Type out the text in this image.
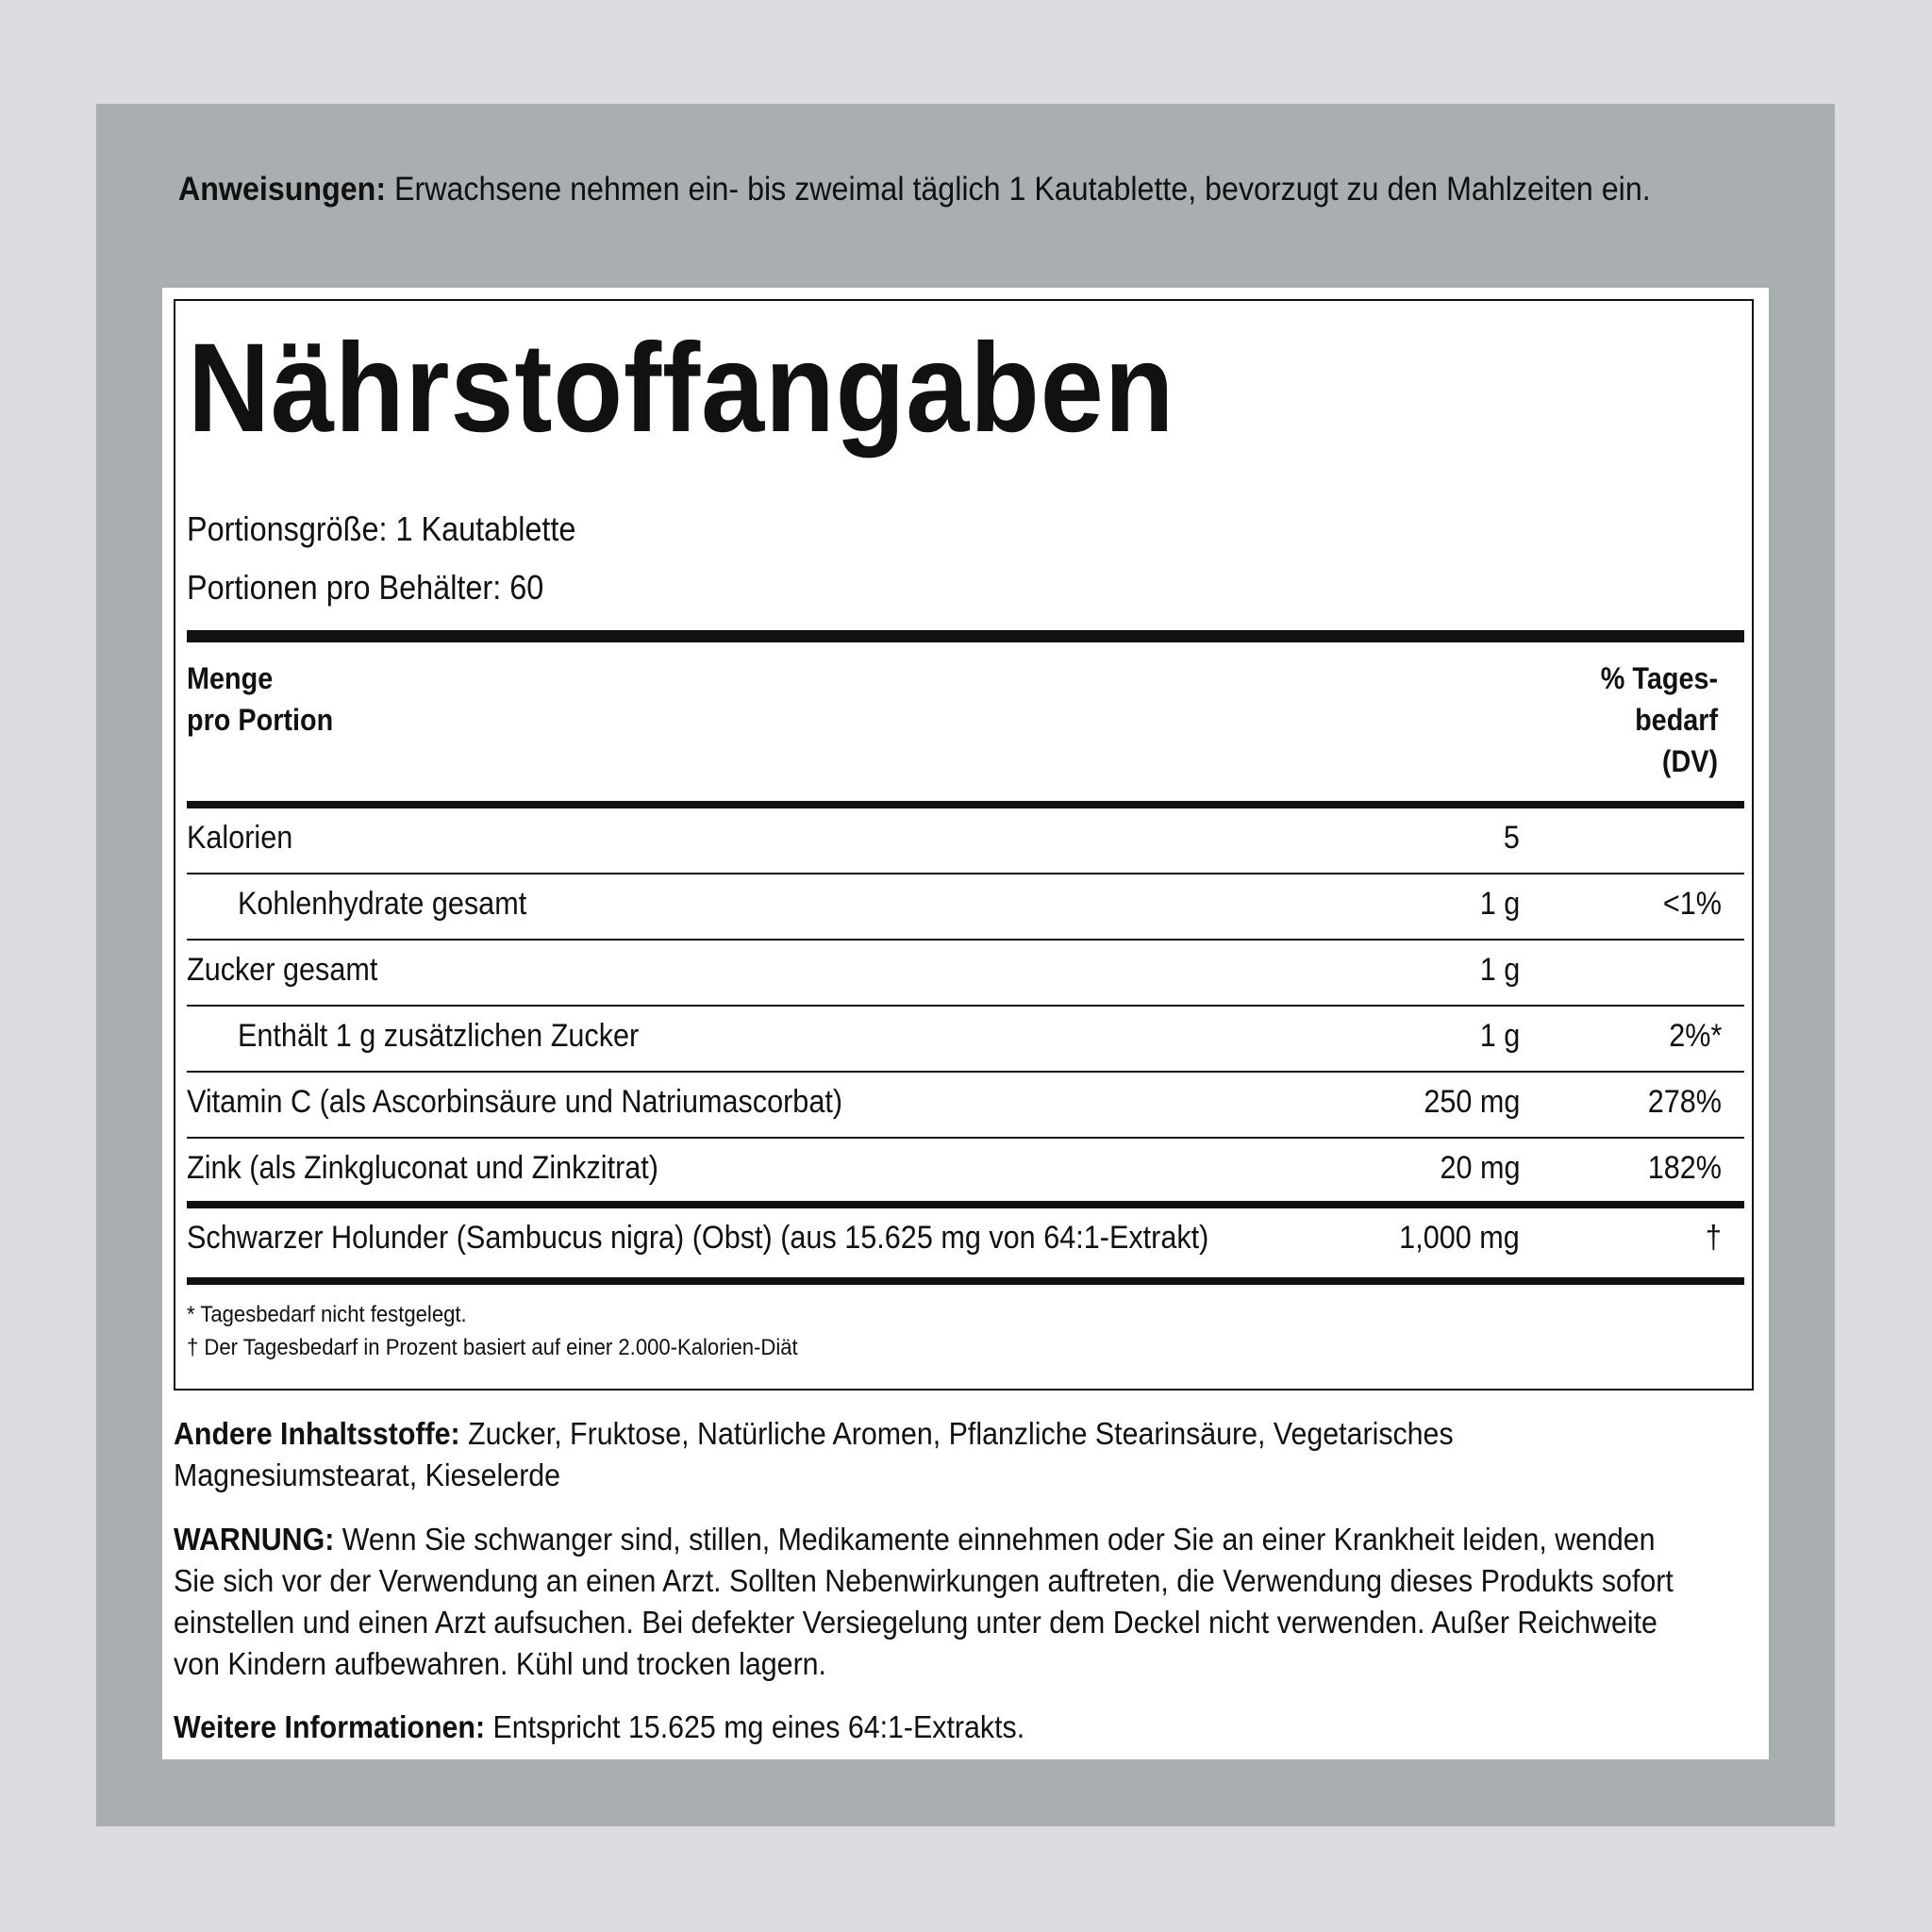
Anweisungen: Erwachsene nehmen ein- bis zweimal täglich 1 Kautablette, bevorzugt zu den Mahlzeiten ein.
Nährstoffangaben
Portionsgröße: 1 Kautablette
Portionen pro Behälter: 60
Menge
pro Portion
% Tages-
bedarf
(DV)
Kalorien	5
Kohlenhydrate gesamt	1 g	<1%
Zucker gesamt	1 g
Enthält 1 g zusätzlichen Zucker	1 g	2%*
Vitamin C (als Ascorbinsäure und Natriumascorbat)	250 mg	278%
Zink (als Zinkgluconat und Zinkzitrat)	20 mg	182%
Schwarzer Holunder (Sambucus nigra) (Obst) (aus 15.625 mg von 64:1-Extrakt)	1,000 mg	†
* Tagesbedarf nicht festgelegt.
† Der Tagesbedarf in Prozent basiert auf einer 2.000-Kalorien-Diät
Andere Inhaltsstoffe: Zucker, Fruktose, Natürliche Aromen, Pflanzliche Stearinsäure, Vegetarisches Magnesiumstearat, Kieselerde
WARNUNG: Wenn Sie schwanger sind, stillen, Medikamente einnehmen oder Sie an einer Krankheit leiden, wenden Sie sich vor der Verwendung an einen Arzt. Sollten Nebenwirkungen auftreten, die Verwendung dieses Produkts sofort einstellen und einen Arzt aufsuchen. Bei defekter Versiegelung unter dem Deckel nicht verwenden. Außer Reichweite von Kindern aufbewahren. Kühl und trocken lagern.
Weitere Informationen: Entspricht 15.625 mg eines 64:1-Extrakts.
